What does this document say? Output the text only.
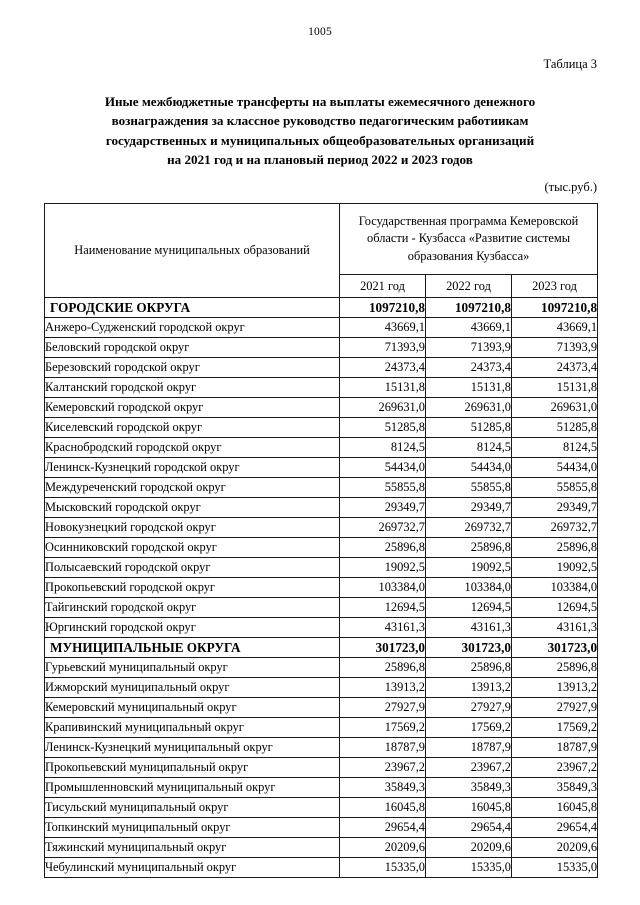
1005
Таблица 3
Иные межбюджетные трансферты на выплаты ежемесячного денежного
вознаграждения за классное руководство педагогическим работиикам
государственных и муниципальных общеобразовательных организаций
на 2021 год и на плановый период 2022 и 2023 годов
(тыс.руб.)
Наименование муниципальных образований	Государственная программа Кемеровской области - Кузбасса «Развитие системы образования Кузбасса»		
	2021 год	2022 год	2023 год
ГОРОДСКИЕ ОКРУГА	1097210,8	1097210,8	1097210,8
Анжеро-Судженский городской округ	43669,1	43669,1	43669,1
Беловский городской округ	71393,9	71393,9	71393,9
Березовский городской округ	24373,4	24373,4	24373,4
Калтанский городской округ	15131,8	15131,8	15131,8
Кемеровский городской округ	269631,0	269631,0	269631,0
Киселевский городской округ	51285,8	51285,8	51285,8
Краснобродский городской округ	8124,5	8124,5	8124,5
Ленинск-Кузнецкий городской округ	54434,0	54434,0	54434,0
Междуреченский городской округ	55855,8	55855,8	55855,8
Мысковский городской округ	29349,7	29349,7	29349,7
Новокузнецкий городской округ	269732,7	269732,7	269732,7
Осинниковский городской округ	25896,8	25896,8	25896,8
Полысаевский городской округ	19092,5	19092,5	19092,5
Прокопьевский городской округ	103384,0	103384,0	103384,0
Тайгинский городской округ	12694,5	12694,5	12694,5
Юргинский городской округ	43161,3	43161,3	43161,3
МУНИЦИПАЛЬНЫЕ ОКРУГА	301723,0	301723,0	301723,0
Гурьевский муниципальный округ	25896,8	25896,8	25896,8
Ижморский муниципальный округ	13913,2	13913,2	13913,2
Кемеровский муниципальный округ	27927,9	27927,9	27927,9
Крапивинский муниципальный округ	17569,2	17569,2	17569,2
Ленинск-Кузнецкий муниципальный округ	18787,9	18787,9	18787,9
Прокопьевский муниципальный округ	23967,2	23967,2	23967,2
Промышленновский муниципальный округ	35849,3	35849,3	35849,3
Тисульский муниципальный округ	16045,8	16045,8	16045,8
Топкинский муниципальный округ	29654,4	29654,4	29654,4
Тяжинский муниципальный округ	20209,6	20209,6	20209,6
Чебулинский муниципальный округ	15335,0	15335,0	15335,0
